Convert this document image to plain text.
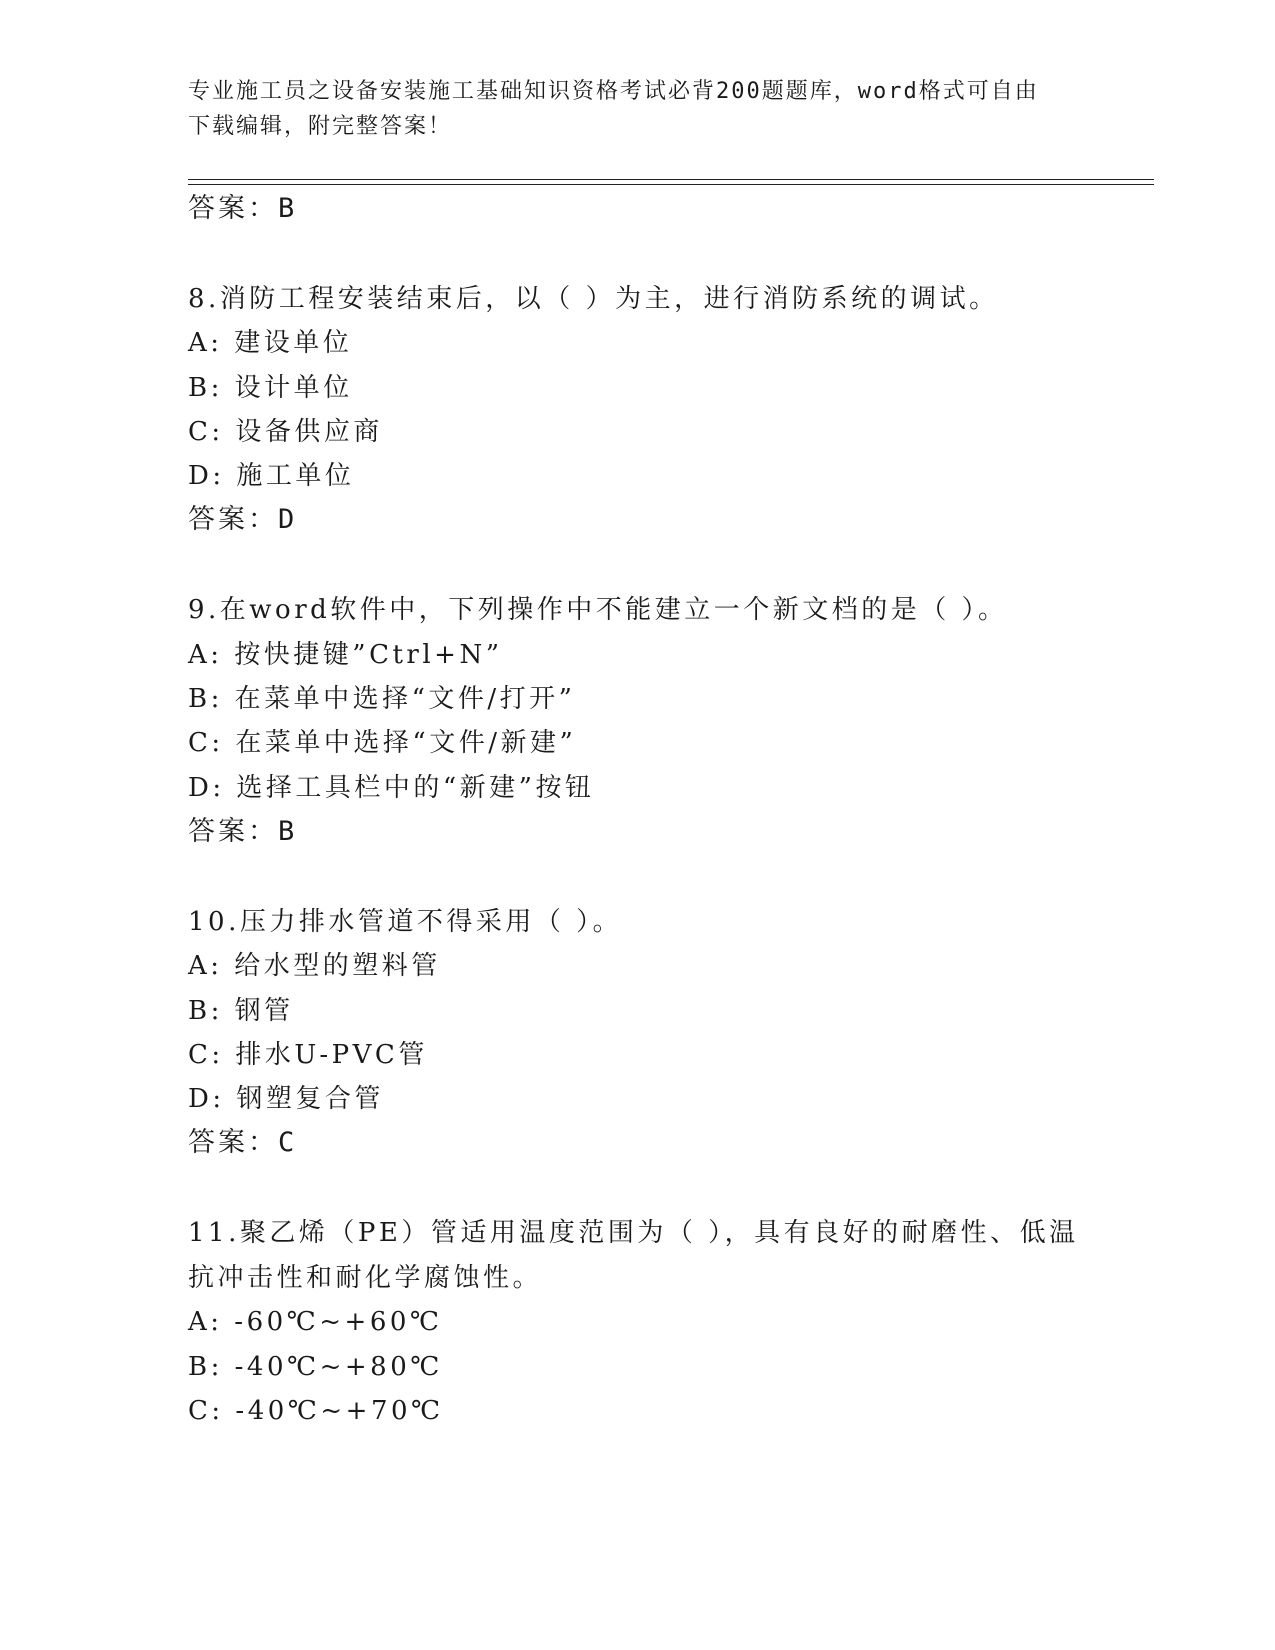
专业施工员之设备安装施工基础知识资格考试必背200题题库，word格式可自由
下载编辑，附完整答案！
答案：B
8.消防工程安装结束后，以（ ）为主，进行消防系统的调试。
A: 建设单位
B: 设计单位
C: 设备供应商
D: 施工单位
答案：D
9.在word软件中，下列操作中不能建立一个新文档的是（ ）。
A: 按快捷键”Ctrl+N”
B: 在菜单中选择“文件/打开”
C: 在菜单中选择“文件/新建”
D: 选择工具栏中的“新建”按钮
答案：B
10.压力排水管道不得采用（ ）。
A: 给水型的塑料管
B: 钢管
C: 排水U-PVC管
D: 钢塑复合管
答案：C
11.聚乙烯（PE）管适用温度范围为（ ），具有良好的耐磨性、低温
抗冲击性和耐化学腐蚀性。
A: -60℃~+60℃
B: -40℃~+80℃
C: -40℃~+70℃
